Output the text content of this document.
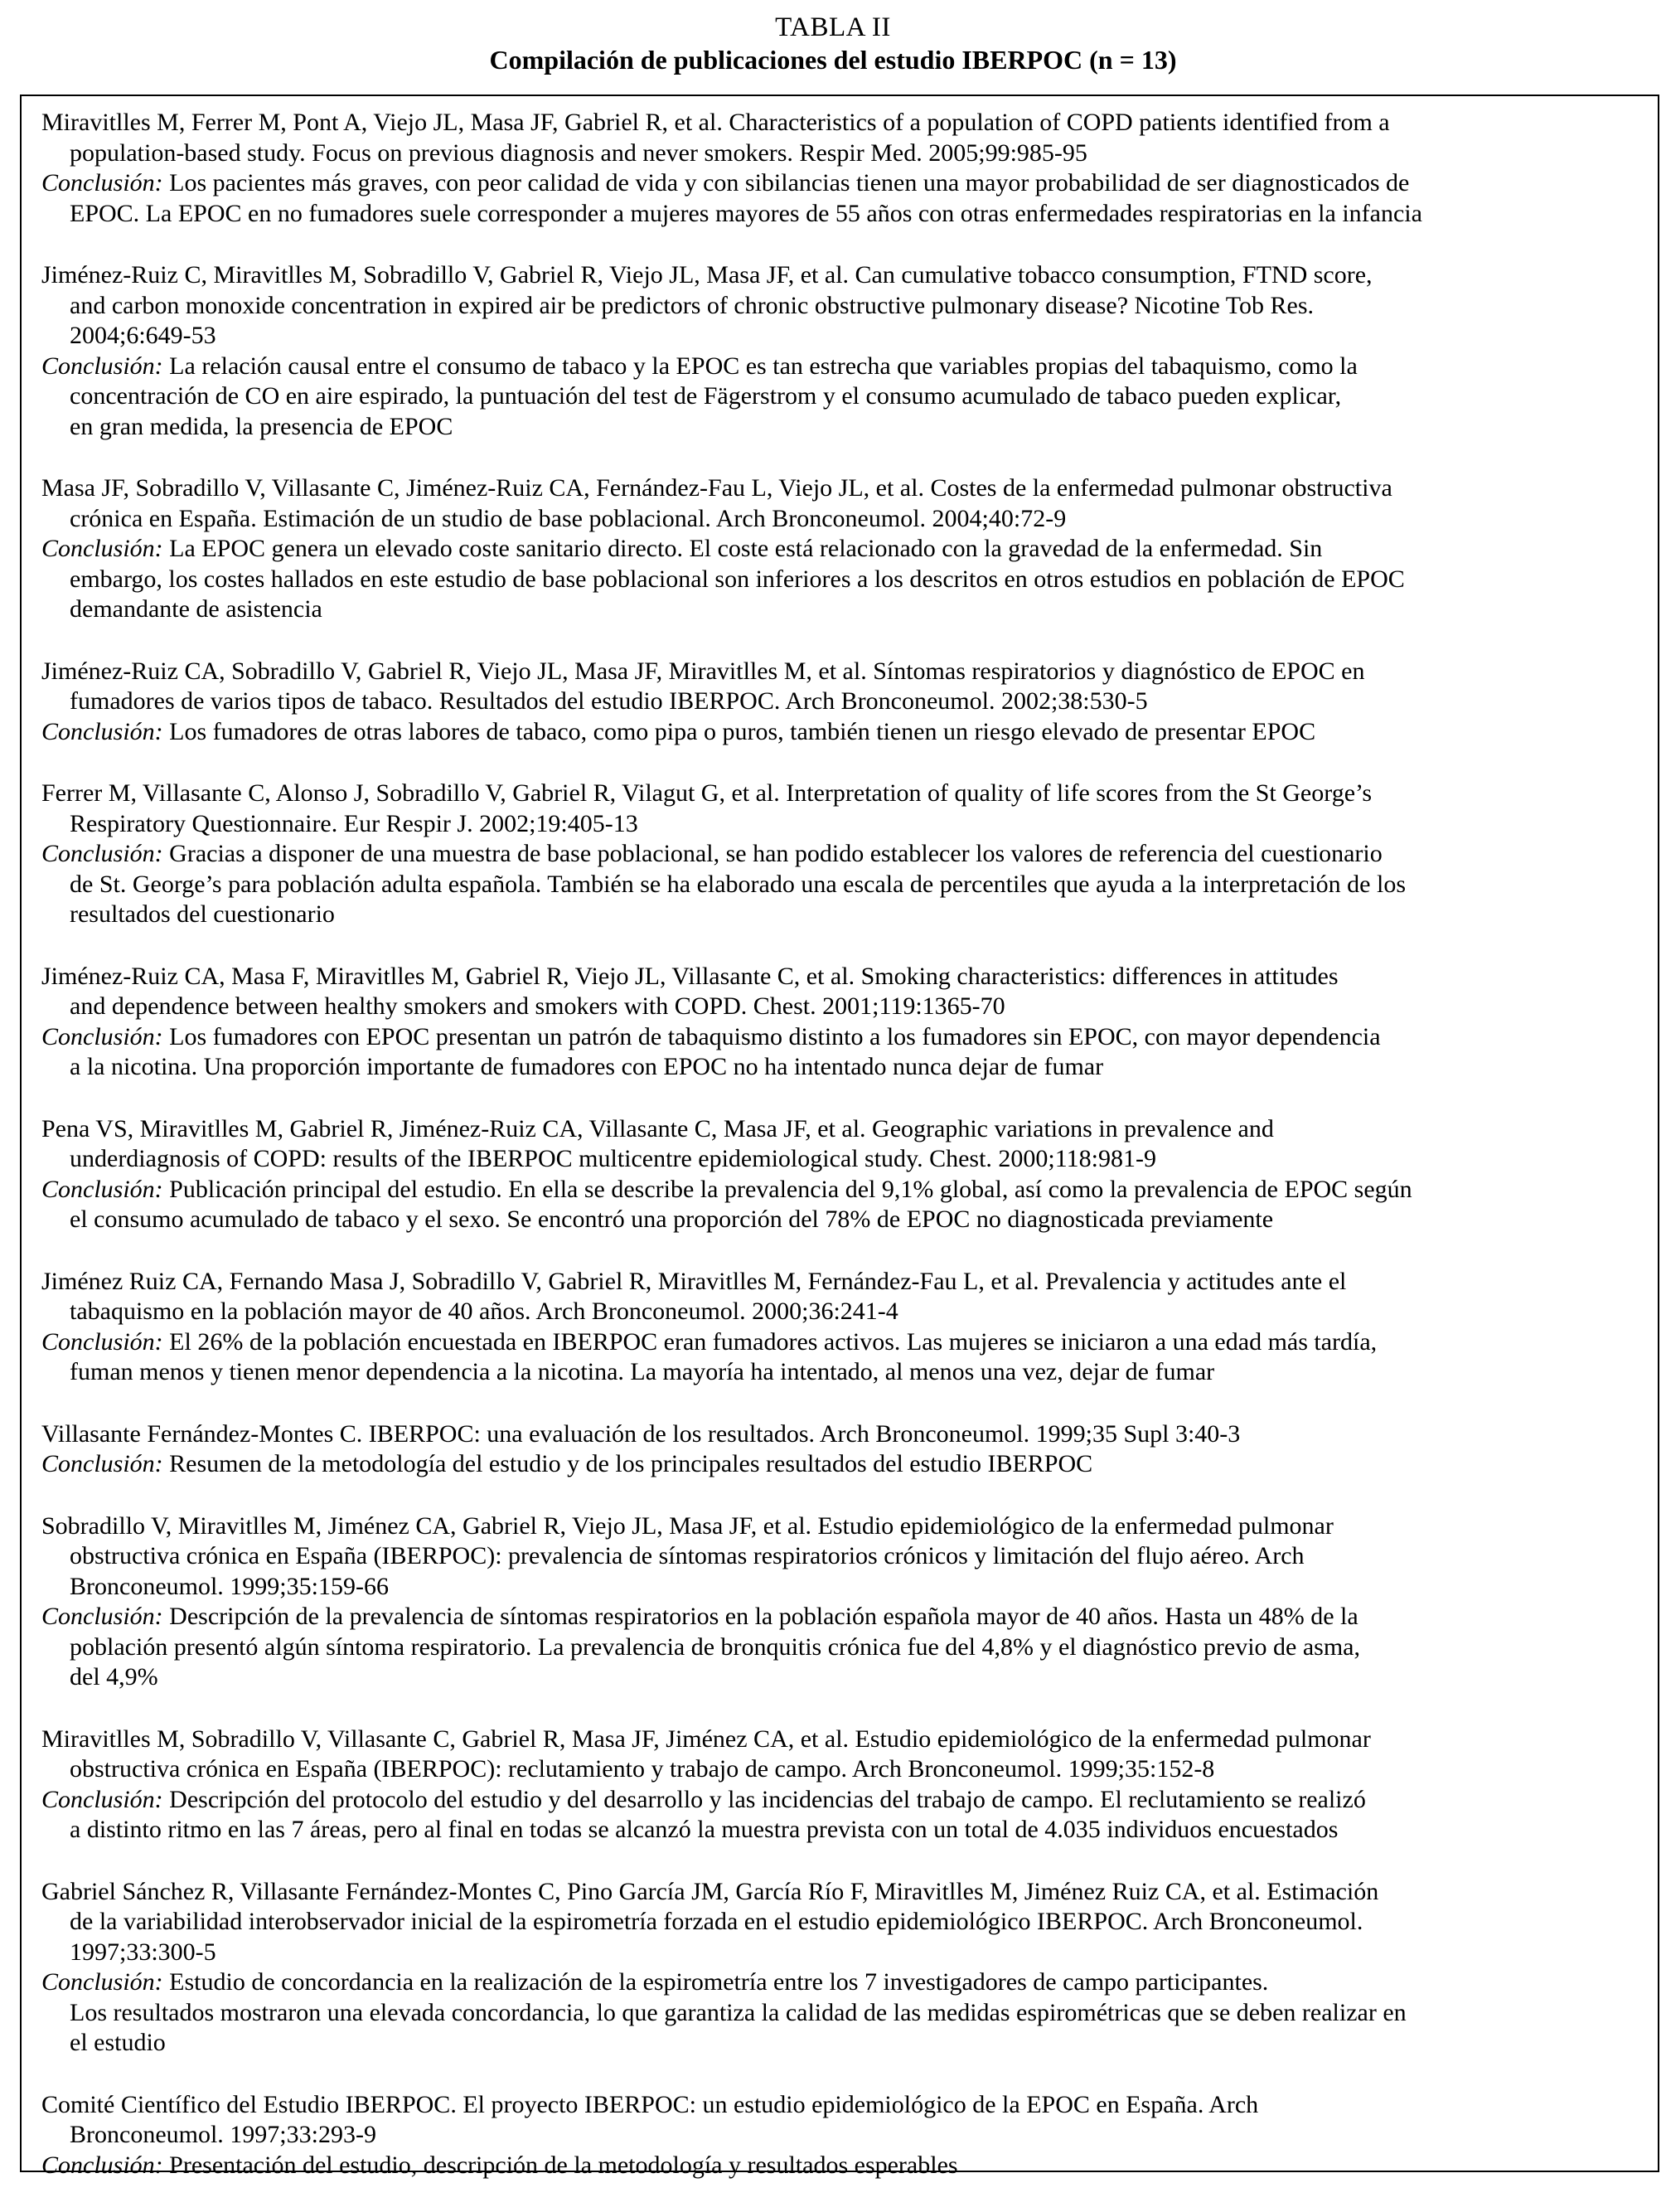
TABLA II
Compilación de publicaciones del estudio IBERPOC (n = 13)

Miravitlles M, Ferrer M, Pont A, Viejo JL, Masa JF, Gabriel R, et al. Characteristics of a population of COPD patients identified from a
population-based study. Focus on previous diagnosis and never smokers. Respir Med. 2005;99:985-95

Conclusión: Los pacientes más graves, con peor calidad de vida y con sibilancias tienen una mayor probabilidad de ser diagnosticados de
EPOC. La EPOC en no fumadores suele corresponder a mujeres mayores de 55 años con otras enfermedades respiratorias en la infancia

Jiménez-Ruiz C, Miravitlles M, Sobradillo V, Gabriel R, Viejo JL, Masa JF, et al. Can cumulative tobacco consumption, FTND score,
and carbon monoxide concentration in expired air be predictors of chronic obstructive pulmonary disease? Nicotine Tob Res.
2004;6:649-53

Conclusión: La relación causal entre el consumo de tabaco y la EPOC es tan estrecha que variables propias del tabaquismo, como la
concentración de CO en aire espirado, la puntuación del test de Fägerstrom y el consumo acumulado de tabaco pueden explicar,
en gran medida, la presencia de EPOC

Masa JF, Sobradillo V, Villasante C, Jiménez-Ruiz CA, Fernández-Fau L, Viejo JL, et al. Costes de la enfermedad pulmonar obstructiva
crónica en España. Estimación de un studio de base poblacional. Arch Bronconeumol. 2004;40:72-9

Conclusión: La EPOC genera un elevado coste sanitario directo. El coste está relacionado con la gravedad de la enfermedad. Sin
embargo, los costes hallados en este estudio de base poblacional son inferiores a los descritos en otros estudios en población de EPOC
demandante de asistencia

Jiménez-Ruiz CA, Sobradillo V, Gabriel R, Viejo JL, Masa JF, Miravitlles M, et al. Síntomas respiratorios y diagnóstico de EPOC en
fumadores de varios tipos de tabaco. Resultados del estudio IBERPOC. Arch Bronconeumol. 2002;38:530-5

Conclusión: Los fumadores de otras labores de tabaco, como pipa o puros, también tienen un riesgo elevado de presentar EPOC

Ferrer M, Villasante C, Alonso J, Sobradillo V, Gabriel R, Vilagut G, et al. Interpretation of quality of life scores from the St George’s
Respiratory Questionnaire. Eur Respir J. 2002;19:405-13

Conclusión: Gracias a disponer de una muestra de base poblacional, se han podido establecer los valores de referencia del cuestionario
de St. George’s para población adulta española. También se ha elaborado una escala de percentiles que ayuda a la interpretación de los
resultados del cuestionario

Jiménez-Ruiz CA, Masa F, Miravitlles M, Gabriel R, Viejo JL, Villasante C, et al. Smoking characteristics: differences in attitudes
and dependence between healthy smokers and smokers with COPD. Chest. 2001;119:1365-70

Conclusión: Los fumadores con EPOC presentan un patrón de tabaquismo distinto a los fumadores sin EPOC, con mayor dependencia
a la nicotina. Una proporción importante de fumadores con EPOC no ha intentado nunca dejar de fumar

Pena VS, Miravitlles M, Gabriel R, Jiménez-Ruiz CA, Villasante C, Masa JF, et al. Geographic variations in prevalence and
underdiagnosis of COPD: results of the IBERPOC multicentre epidemiological study. Chest. 2000;118:981-9

Conclusión: Publicación principal del estudio. En ella se describe la prevalencia del 9,1% global, así como la prevalencia de EPOC según
el consumo acumulado de tabaco y el sexo. Se encontró una proporción del 78% de EPOC no diagnosticada previamente

Jiménez Ruiz CA, Fernando Masa J, Sobradillo V, Gabriel R, Miravitlles M, Fernández-Fau L, et al. Prevalencia y actitudes ante el
tabaquismo en la población mayor de 40 años. Arch Bronconeumol. 2000;36:241-4

Conclusión: El 26% de la población encuestada en IBERPOC eran fumadores activos. Las mujeres se iniciaron a una edad más tardía,
fuman menos y tienen menor dependencia a la nicotina. La mayoría ha intentado, al menos una vez, dejar de fumar

Villasante Fernández-Montes C. IBERPOC: una evaluación de los resultados. Arch Bronconeumol. 1999;35 Supl 3:40-3

Conclusión: Resumen de la metodología del estudio y de los principales resultados del estudio IBERPOC

Sobradillo V, Miravitlles M, Jiménez CA, Gabriel R, Viejo JL, Masa JF, et al. Estudio epidemiológico de la enfermedad pulmonar
obstructiva crónica en España (IBERPOC): prevalencia de síntomas respiratorios crónicos y limitación del flujo aéreo. Arch
Bronconeumol. 1999;35:159-66

Conclusión: Descripción de la prevalencia de síntomas respiratorios en la población española mayor de 40 años. Hasta un 48% de la
población presentó algún síntoma respiratorio. La prevalencia de bronquitis crónica fue del 4,8% y el diagnóstico previo de asma,
del 4,9%

Miravitlles M, Sobradillo V, Villasante C, Gabriel R, Masa JF, Jiménez CA, et al. Estudio epidemiológico de la enfermedad pulmonar
obstructiva crónica en España (IBERPOC): reclutamiento y trabajo de campo. Arch Bronconeumol. 1999;35:152-8

Conclusión: Descripción del protocolo del estudio y del desarrollo y las incidencias del trabajo de campo. El reclutamiento se realizó
a distinto ritmo en las 7 áreas, pero al final en todas se alcanzó la muestra prevista con un total de 4.035 individuos encuestados

Gabriel Sánchez R, Villasante Fernández-Montes C, Pino García JM, García Río F, Miravitlles M, Jiménez Ruiz CA, et al. Estimación
de la variabilidad interobservador inicial de la espirometría forzada en el estudio epidemiológico IBERPOC. Arch Bronconeumol.
1997;33:300-5

Conclusión: Estudio de concordancia en la realización de la espirometría entre los 7 investigadores de campo participantes.
Los resultados mostraron una elevada concordancia, lo que garantiza la calidad de las medidas espirométricas que se deben realizar en
el estudio

Comité Científico del Estudio IBERPOC. El proyecto IBERPOC: un estudio epidemiológico de la EPOC en España. Arch
Bronconeumol. 1997;33:293-9

Conclusión: Presentación del estudio, descripción de la metodología y resultados esperables
